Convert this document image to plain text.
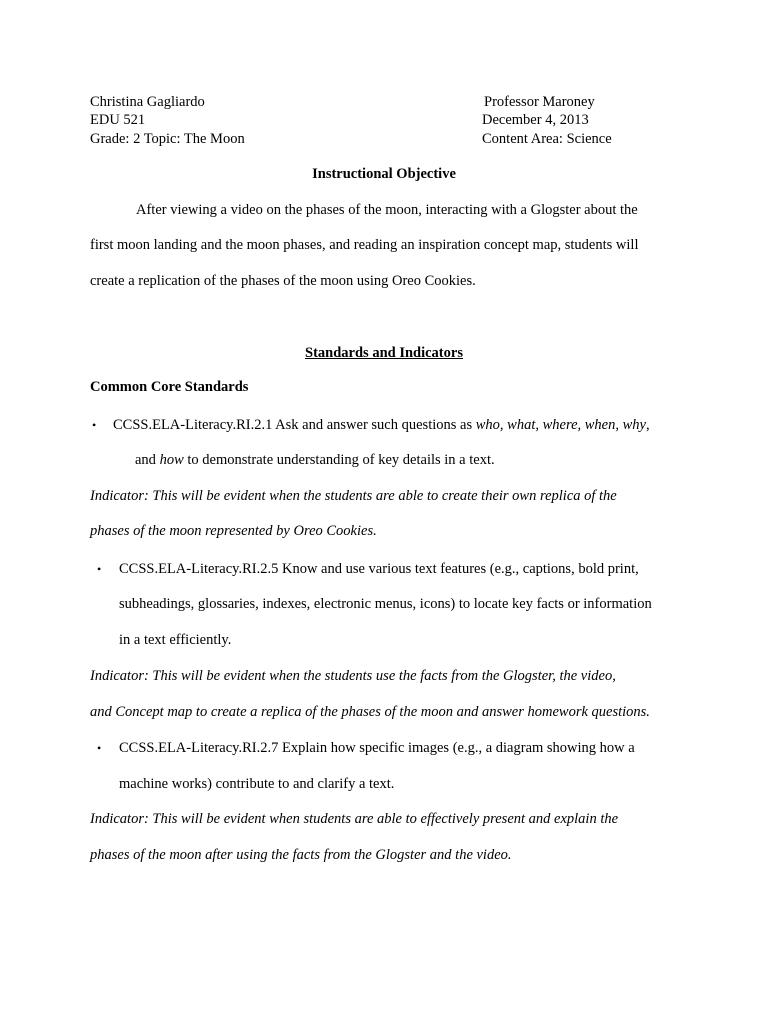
Christina Gagliardo
EDU 521
Grade: 2 Topic: The Moon
Professor Maroney
December 4, 2013
Content Area: Science
Instructional Objective
After viewing a video on the phases of the moon, interacting with a Glogster about the
first moon landing and the moon phases, and reading an inspiration concept map, students will
create a replication of the phases of the moon using Oreo Cookies.
Standards and Indicators
Common Core Standards
• CCSS.ELA-Literacy.RI.2.1 Ask and answer such questions as who, what, where, when, why,
and how to demonstrate understanding of key details in a text.
Indicator: This will be evident when the students are able to create their own replica of the
phases of the moon represented by Oreo Cookies.
• CCSS.ELA-Literacy.RI.2.5 Know and use various text features (e.g., captions, bold print,
subheadings, glossaries, indexes, electronic menus, icons) to locate key facts or information
in a text efficiently.
Indicator: This will be evident when the students use the facts from the Glogster, the video,
and Concept map to create a replica of the phases of the moon and answer homework questions.
• CCSS.ELA-Literacy.RI.2.7 Explain how specific images (e.g., a diagram showing how a
machine works) contribute to and clarify a text.
Indicator: This will be evident when students are able to effectively present and explain the
phases of the moon after using the facts from the Glogster and the video.
